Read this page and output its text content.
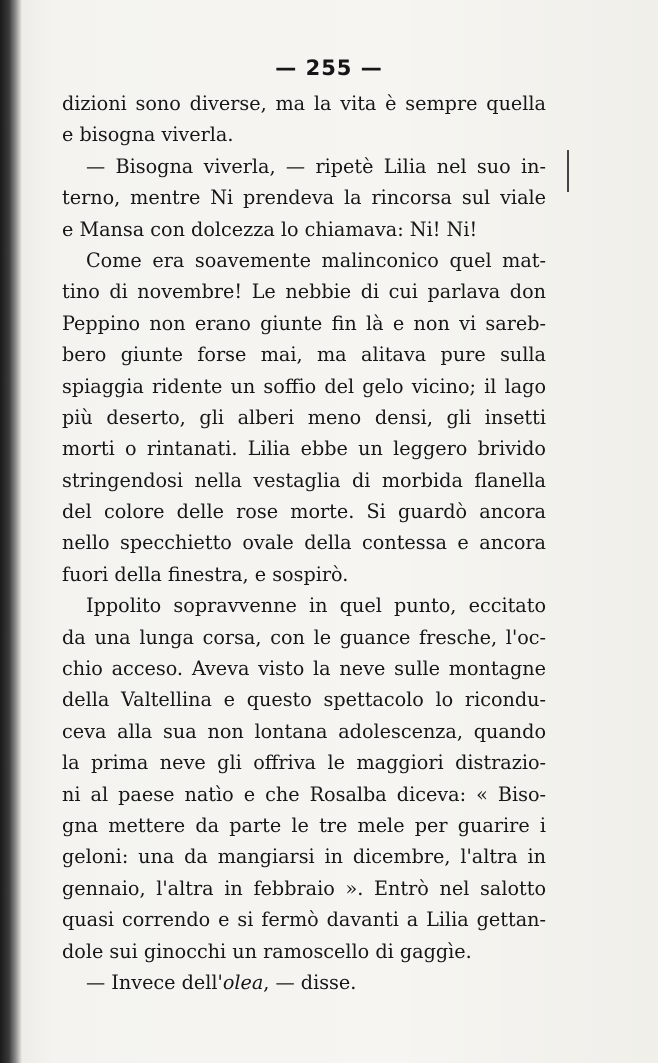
— 255 —
dizioni sono diverse, ma la vita è sempre quella
e bisogna viverla.
— Bisogna viverla, — ripetè Lilia nel suo in-
terno, mentre Ni prendeva la rincorsa sul viale
e Mansa con dolcezza lo chiamava: Ni! Ni!
Come era soavemente malinconico quel mat-
tino di novembre! Le nebbie di cui parlava don
Peppino non erano giunte fin là e non vi sareb-
bero giunte forse mai, ma alitava pure sulla
spiaggia ridente un soffio del gelo vicino; il lago
più deserto, gli alberi meno densi, gli insetti
morti o rintanati. Lilia ebbe un leggero brivido
stringendosi nella vestaglia di morbida flanella
del colore delle rose morte. Si guardò ancora
nello specchietto ovale della contessa e ancora
fuori della finestra, e sospirò.
Ippolito sopravvenne in quel punto, eccitato
da una lunga corsa, con le guance fresche, l'oc-
chio acceso. Aveva visto la neve sulle montagne
della Valtellina e questo spettacolo lo ricondu-
ceva alla sua non lontana adolescenza, quando
la prima neve gli offriva le maggiori distrazio-
ni al paese natìo e che Rosalba diceva: « Biso-
gna mettere da parte le tre mele per guarire i
geloni: una da mangiarsi in dicembre, l'altra in
gennaio, l'altra in febbraio ». Entrò nel salotto
quasi correndo e si fermò davanti a Lilia gettan-
dole sui ginocchi un ramoscello di gaggìe.
— Invece dell'olea, — disse.
